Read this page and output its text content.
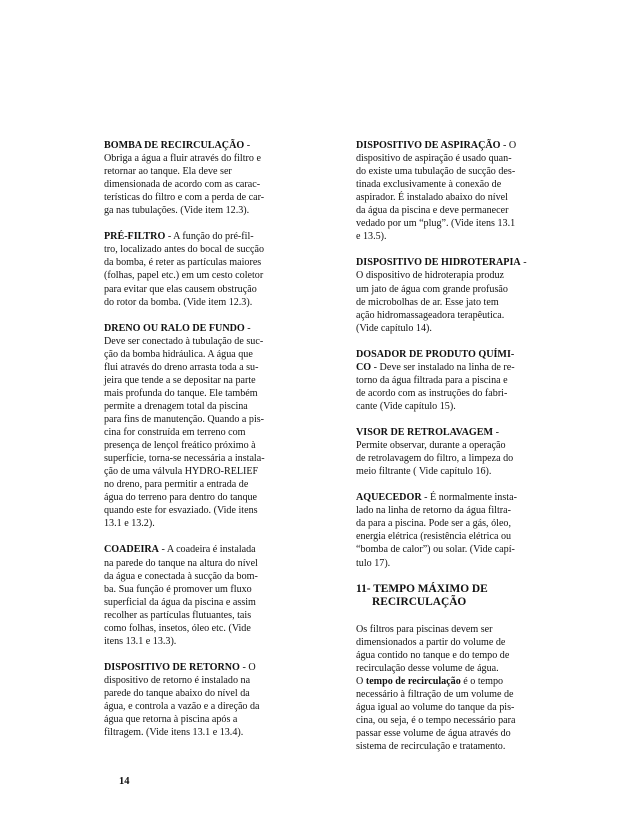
BOMBA DE RECIRCULAÇÃO -
Obriga a água a fluir através do filtro e
retornar ao tanque. Ela deve ser
dimensionada de acordo com as carac-
terísticas do filtro e com a perda de car-
ga nas tubulações. (Vide item 12.3).
PRÉ-FILTRO - A função do pré-fil-
tro, localizado antes do bocal de sucção
da bomba, é reter as partículas maiores
(folhas, papel etc.) em um cesto coletor
para evitar que elas causem obstrução
do rotor da bomba. (Vide item 12.3).
DRENO OU RALO DE FUNDO -
Deve ser conectado à tubulação de suc-
ção da bomba hidráulica. A água que
flui através do dreno arrasta toda a su-
jeira que tende a se depositar na parte
mais profunda do tanque. Ele também
permite a drenagem total da piscina
para fins de manutenção. Quando a pis-
cina for construída em terreno com
presença de lençol freático próximo à
superfície, torna-se necessária a instala-
ção de uma válvula HYDRO-RELIEF
no dreno, para permitir a entrada de
água do terreno para dentro do tanque
quando este for esvaziado. (Vide itens
13.1 e 13.2).
COADEIRA - A coadeira é instalada
na parede do tanque na altura do nível
da água e conectada à sucção da bom-
ba. Sua função é promover um fluxo
superficial da água da piscina e assim
recolher as partículas flutuantes, tais
como folhas, insetos, óleo etc. (Vide
itens 13.1 e 13.3).
DISPOSITIVO DE RETORNO - O
dispositivo de retorno é instalado na
parede do tanque abaixo do nível da
água, e controla a vazão e a direção da
água que retorna à piscina após a
filtragem. (Vide itens 13.1 e 13.4).
DISPOSITIVO DE ASPIRAÇÃO - O
dispositivo de aspiração é usado quan-
do existe uma tubulação de sucção des-
tinada exclusivamente à conexão de
aspirador. É instalado abaixo do nível
da água da piscina e deve permanecer
vedado por um “plug”. (Vide itens 13.1
e 13.5).
DISPOSITIVO DE HIDROTERAPIA -
O dispositivo de hidroterapia produz
um jato de água com grande profusão
de microbolhas de ar. Esse jato tem
ação hidromassageadora terapêutica.
(Vide capítulo 14).
DOSADOR DE PRODUTO QUÍMI-
CO - Deve ser instalado na linha de re-
torno da água filtrada para a piscina e
de acordo com as instruções do fabri-
cante (Vide capítulo 15).
VISOR DE RETROLAVAGEM -
Permite observar, durante a operação
de retrolavagem do filtro, a limpeza do
meio filtrante ( Vide capítulo 16).
AQUECEDOR - É normalmente insta-
lado na linha de retorno da água filtra-
da para a piscina. Pode ser a gás, óleo,
energia elétrica (resistência elétrica ou
“bomba de calor”) ou solar. (Vide capí-
tulo 17).
11- TEMPO MÁXIMO DE
RECIRCULAÇÃO
Os filtros para piscinas devem ser
dimensionados a partir do volume de
água contido no tanque e do tempo de
recirculação desse volume de água.
O tempo de recirculação é o tempo
necessário à filtração de um volume de
água igual ao volume do tanque da pis-
cina, ou seja, é o tempo necessário para
passar esse volume de água através do
sistema de recirculação e tratamento.
14
